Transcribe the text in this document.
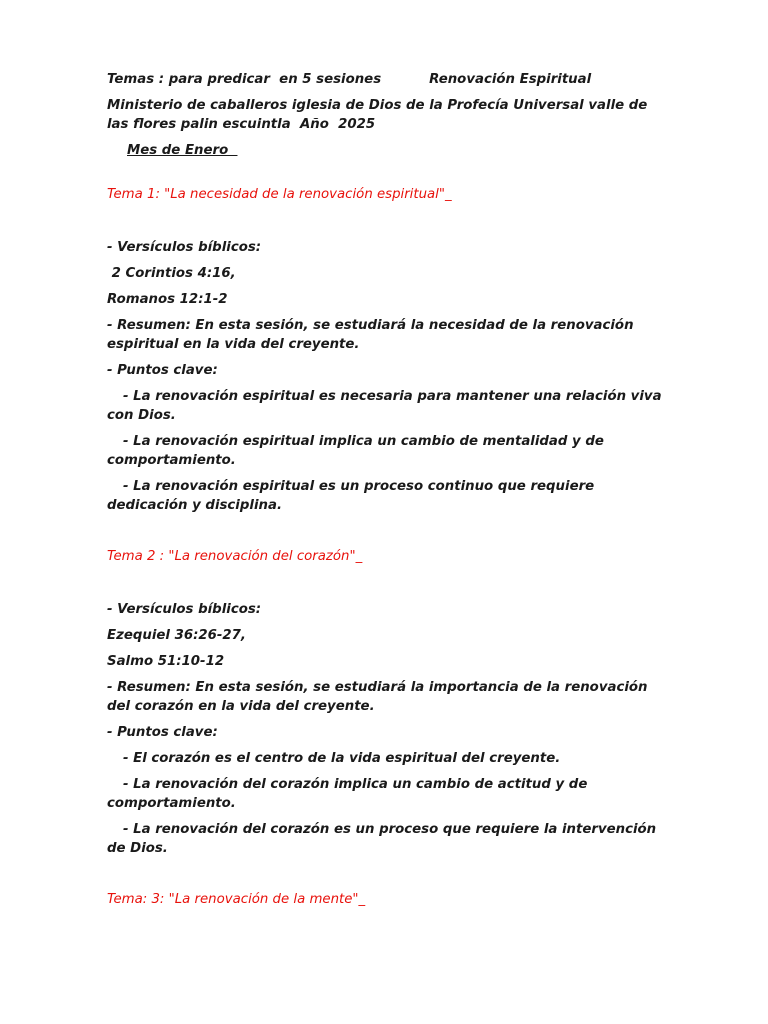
Temas : para predicar  en 5 sesiones	Renovación Espiritual

Ministerio de caballeros iglesia de Dios de la Profecía Universal valle de las flores palin escuintla  Año  2025

Mes de Enero

Tema 1: "La necesidad de la renovación espiritual"_

- Versículos bíblicos:

2 Corintios 4:16,

Romanos 12:1-2

- Resumen: En esta sesión, se estudiará la necesidad de la renovación espiritual en la vida del creyente.

- Puntos clave:

- La renovación espiritual es necesaria para mantener una relación viva con Dios.

- La renovación espiritual implica un cambio de mentalidad y de comportamiento.

- La renovación espiritual es un proceso continuo que requiere dedicación y disciplina.

Tema 2 : "La renovación del corazón"_

- Versículos bíblicos:

Ezequiel 36:26-27,

Salmo 51:10-12

- Resumen: En esta sesión, se estudiará la importancia de la renovación del corazón en la vida del creyente.

- Puntos clave:

- El corazón es el centro de la vida espiritual del creyente.

- La renovación del corazón implica un cambio de actitud y de comportamiento.

- La renovación del corazón es un proceso que requiere la intervención de Dios.

Tema: 3: "La renovación de la mente"_
